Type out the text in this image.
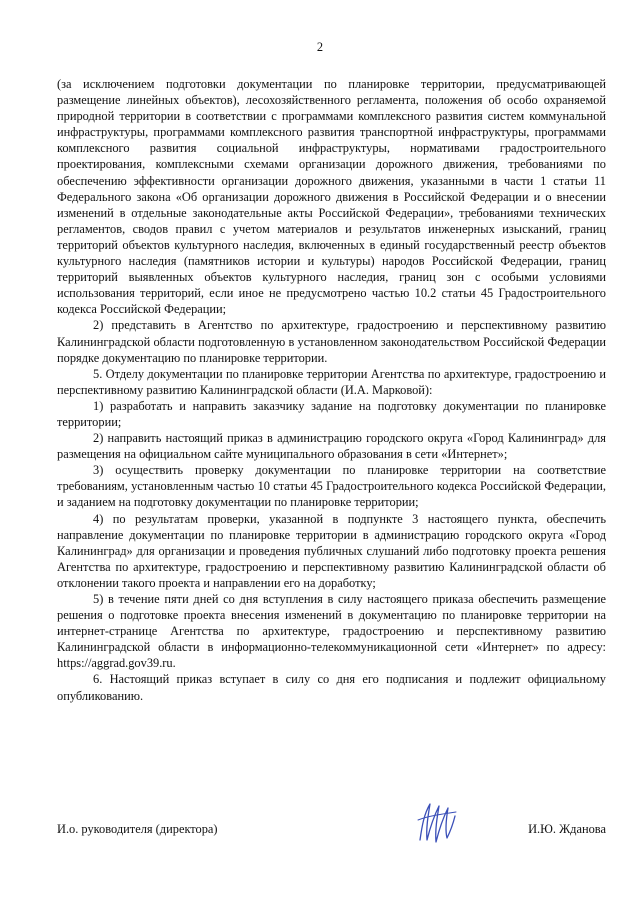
2

(за исключением подготовки документации по планировке территории, предусматривающей размещение линейных объектов), лесохозяйственного регламента, положения об особо охраняемой природной территории в соответствии с программами комплексного развития систем коммунальной инфраструктуры, программами комплексного развития транспортной инфраструктуры, программами комплексного развития социальной инфраструктуры, нормативами градостроительного проектирования, комплексными схемами организации дорожного движения, требованиями по обеспечению эффективности организации дорожного движения, указанными в части 1 статьи 11 Федерального закона «Об организации дорожного движения в Российской Федерации и о внесении изменений в отдельные законодательные акты Российской Федерации», требованиями технических регламентов, сводов правил с учетом материалов и результатов инженерных изысканий, границ территорий объектов культурного наследия, включенных в единый государственный реестр объектов культурного наследия (памятников истории и культуры) народов Российской Федерации, границ территорий выявленных объектов культурного наследия, границ зон с особыми условиями использования территорий, если иное не предусмотрено частью 10.2 статьи 45 Градостроительного кодекса Российской Федерации;

2) представить в Агентство по архитектуре, градостроению и перспективному развитию Калининградской области подготовленную в установленном законодательством Российской Федерации порядке документацию по планировке территории.

5. Отделу документации по планировке территории Агентства по архитектуре, градостроению и перспективному развитию Калининградской области (И.А. Марковой):

1) разработать и направить заказчику задание на подготовку документации по планировке территории;

2) направить настоящий приказ в администрацию городского округа «Город Калининград» для размещения на официальном сайте муниципального образования в сети «Интернет»;

3) осуществить проверку документации по планировке территории на соответствие требованиям, установленным частью 10 статьи 45 Градостроительного кодекса Российской Федерации, и заданием на подготовку документации по планировке территории;

4) по результатам проверки, указанной в подпункте 3 настоящего пункта, обеспечить направление документации по планировке территории в администрацию городского округа «Город Калининград» для организации и проведения публичных слушаний либо подготовку проекта решения Агентства по архитектуре, градостроению и перспективному развитию Калининградской области об отклонении такого проекта и направлении его на доработку;

5) в течение пяти дней со дня вступления в силу настоящего приказа обеспечить размещение решения о подготовке проекта внесения изменений в документацию по планировке территории на интернет-странице Агентства по архитектуре, градостроению и перспективному развитию Калининградской области в информационно-телекоммуникационной сети «Интернет» по адресу: https://aggrad.gov39.ru.

6. Настоящий приказ вступает в силу со дня его подписания и подлежит официальному опубликованию.

И.о. руководителя (директора)	И.Ю. Жданова
